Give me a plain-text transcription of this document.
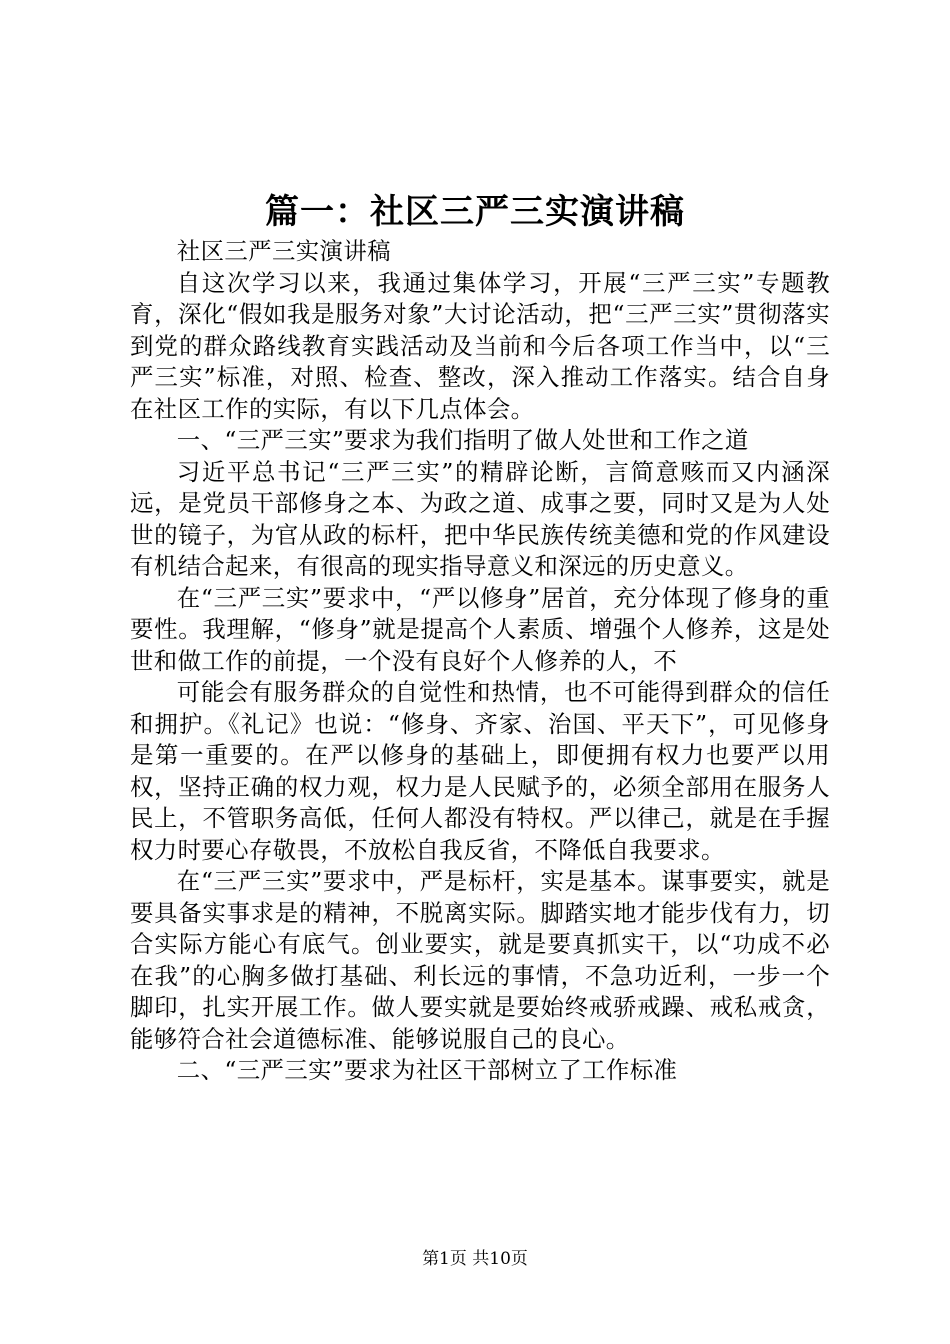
篇一：社区三严三实演讲稿

社区三严三实演讲稿

自这次学习以来，我通过集体学习，开展“三严三实”专题教育，深化“假如我是服务对象”大讨论活动，把“三严三实”贯彻落实到党的群众路线教育实践活动及当前和今后各项工作当中，以“三严三实”标准，对照、检查、整改，深入推动工作落实。结合自身在社区工作的实际，有以下几点体会。

一、“三严三实”要求为我们指明了做人处世和工作之道

习近平总书记“三严三实”的精辟论断，言简意赅而又内涵深远，是党员干部修身之本、为政之道、成事之要，同时又是为人处世的镜子，为官从政的标杆，把中华民族传统美德和党的作风建设有机结合起来，有很高的现实指导意义和深远的历史意义。

在“三严三实”要求中，“严以修身”居首，充分体现了修身的重要性。我理解，“修身”就是提高个人素质、增强个人修养，这是处世和做工作的前提，一个没有良好个人修养的人，不

可能会有服务群众的自觉性和热情，也不可能得到群众的信任和拥护。《礼记》也说：“修身、齐家、治国、平天下”，可见修身是第一重要的。在严以修身的基础上，即便拥有权力也要严以用权，坚持正确的权力观，权力是人民赋予的，必须全部用在服务人民上，不管职务高低，任何人都没有特权。严以律己，就是在手握权力时要心存敬畏，不放松自我反省，不降低自我要求。

在“三严三实”要求中，严是标杆，实是基本。谋事要实，就是要具备实事求是的精神，不脱离实际。脚踏实地才能步伐有力，切合实际方能心有底气。创业要实，就是要真抓实干，以“功成不必在我”的心胸多做打基础、利长远的事情，不急功近利，一步一个脚印，扎实开展工作。做人要实就是要始终戒骄戒躁、戒私戒贪，能够符合社会道德标准、能够说服自己的良心。

二、“三严三实”要求为社区干部树立了工作标准

第1页 共10页
